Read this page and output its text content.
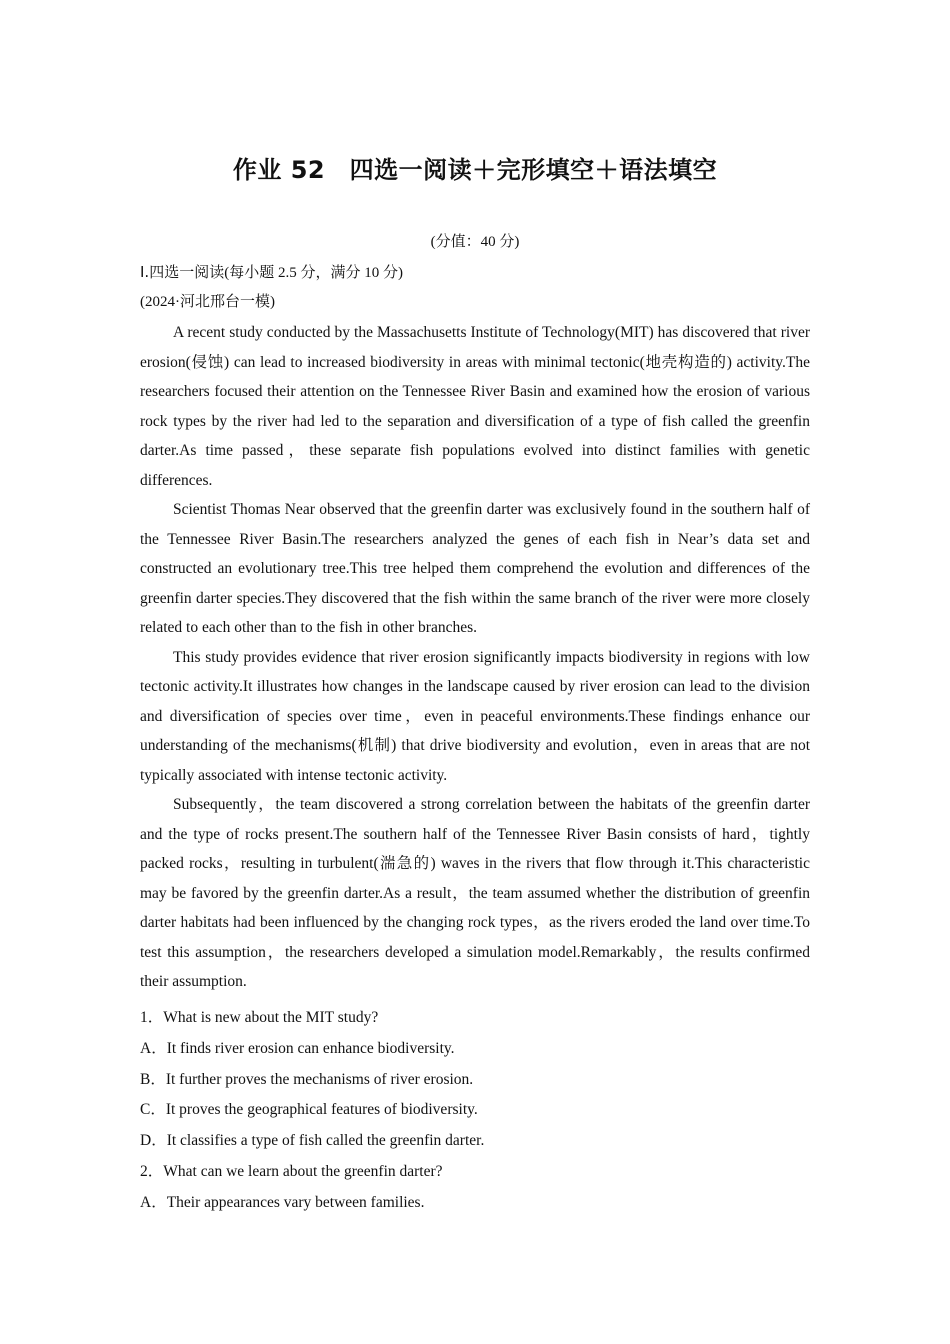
作业 52　四选一阅读＋完形填空＋语法填空
(分值：40 分)
Ⅰ.四选一阅读(每小题 2.5 分，满分 10 分)
(2024·河北邢台一模)

A recent study conducted by the Massachusetts Institute of Technology(MIT) has discovered that river erosion(侵蚀) can lead to increased biodiversity in areas with minimal tectonic(地壳构造的) activity.The researchers focused their attention on the Tennessee River Basin and examined how the erosion of various rock types by the river had led to the separation and diversification of a type of fish called the greenfin darter.As time passed，these separate fish populations evolved into distinct families with genetic differences.

Scientist Thomas Near observed that the greenfin darter was exclusively found in the southern half of the Tennessee River Basin.The researchers analyzed the genes of each fish in Near’s data set and constructed an evolutionary tree.This tree helped them comprehend the evolution and differences of the greenfin darter species.They discovered that the fish within the same branch of the river were more closely related to each other than to the fish in other branches.

This study provides evidence that river erosion significantly impacts biodiversity in regions with low tectonic activity.It illustrates how changes in the landscape caused by river erosion can lead to the division and diversification of species over time，even in peaceful environments.These findings enhance our understanding of the mechanisms(机制) that drive biodiversity and evolution，even in areas that are not typically associated with intense tectonic activity.

Subsequently，the team discovered a strong correlation between the habitats of the greenfin darter and the type of rocks present.The southern half of the Tennessee River Basin consists of hard，tightly packed rocks，resulting in turbulent(湍急的) waves in the rivers that flow through it.This characteristic may be favored by the greenfin darter.As a result，the team assumed whether the distribution of greenfin darter habitats had been influenced by the changing rock types，as the rivers eroded the land over time.To test this assumption，the researchers developed a simulation model.Remarkably，the results confirmed their assumption.

1．What is new about the MIT study?
A．It finds river erosion can enhance biodiversity.
B．It further proves the mechanisms of river erosion.
C．It proves the geographical features of biodiversity.
D．It classifies a type of fish called the greenfin darter.
2．What can we learn about the greenfin darter?
A．Their appearances vary between families.
